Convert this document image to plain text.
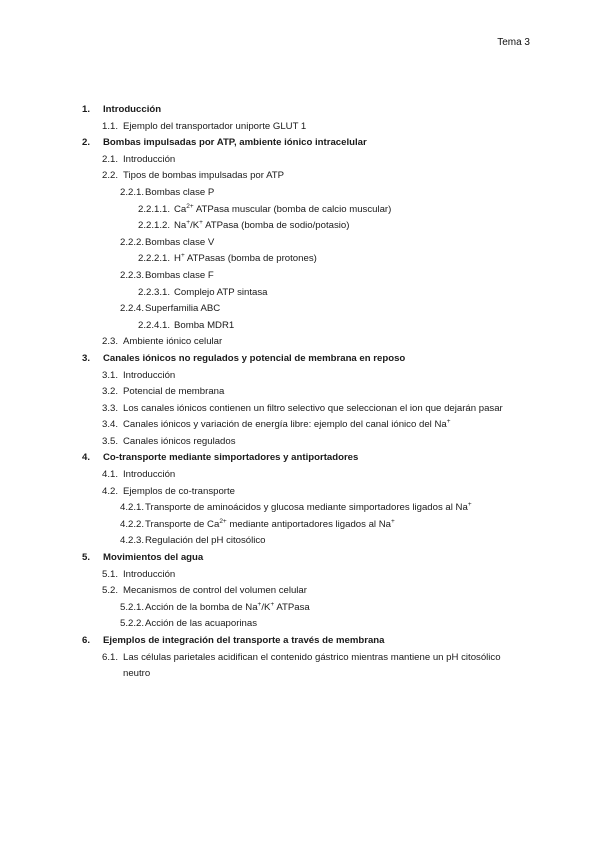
Tema 3
1. Introducción
1.1. Ejemplo del transportador uniporte GLUT 1
2. Bombas impulsadas por ATP, ambiente iónico intracelular
2.1. Introducción
2.2. Tipos de bombas impulsadas por ATP
2.2.1. Bombas clase P
2.2.1.1. $Ca^{2+}$ ATPasa muscular (bomba de calcio muscular)
2.2.1.2. Na+/K+ ATPasa (bomba de sodio/potasio)
2.2.2. Bombas clase V
2.2.2.1. H+ ATPasas (bomba de protones)
2.2.3. Bombas clase F
2.2.3.1. Complejo ATP sintasa
2.2.4. Superfamilia ABC
2.2.4.1. Bomba MDR1
2.3. Ambiente iónico celular
3. Canales iónicos no regulados y potencial de membrana en reposo
3.1. Introducción
3.2. Potencial de membrana
3.3. Los canales iónicos contienen un filtro selectivo que seleccionan el ion que dejarán pasar
3.4. Canales iónicos y variación de energía libre: ejemplo del canal iónico del Na+
3.5. Canales iónicos regulados
4. Co-transporte mediante simportadores y antiportadores
4.1. Introducción
4.2. Ejemplos de co-transporte
4.2.1. Transporte de aminoácidos y glucosa mediante simportadores ligados al Na+
4.2.2. Transporte de $Ca^{2+}$ mediante antiportadores ligados al Na+
4.2.3. Regulación del pH citosólico
5. Movimientos del agua
5.1. Introducción
5.2. Mecanismos de control del volumen celular
5.2.1. Acción de la bomba de Na+/K+ ATPasa
5.2.2. Acción de las acuaporinas
6. Ejemplos de integración del transporte a través de membrana
6.1. Las células parietales acidifican el contenido gástrico mientras mantiene un pH citosólico neutro
